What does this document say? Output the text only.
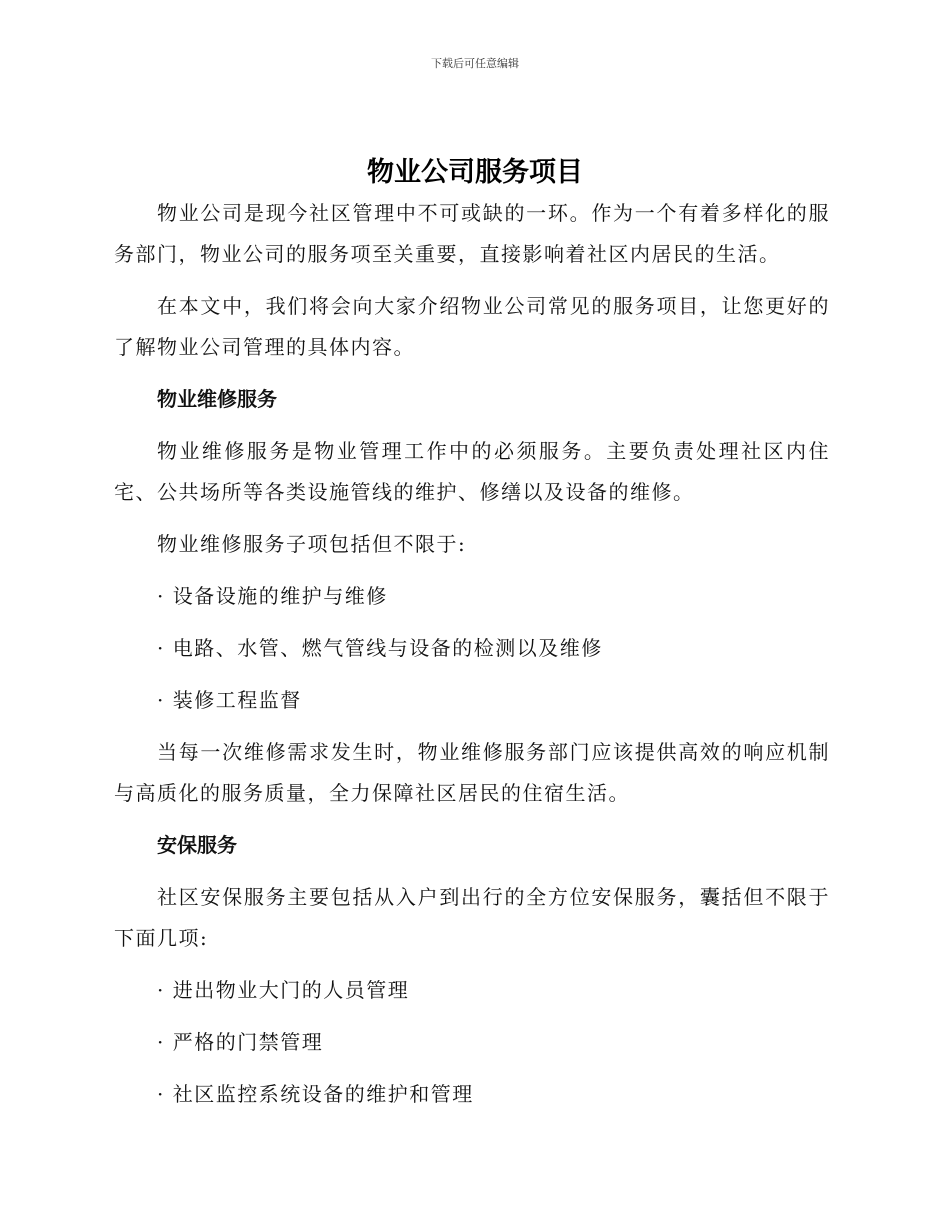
下载后可任意编辑
物业公司服务项目

物业公司是现今社区管理中不可或缺的一环。作为一个有着多样化的服务部门，物业公司的服务项至关重要，直接影响着社区内居民的生活。

在本文中，我们将会向大家介绍物业公司常见的服务项目，让您更好的了解物业公司管理的具体内容。

物业维修服务

物业维修服务是物业管理工作中的必须服务。主要负责处理社区内住宅、公共场所等各类设施管线的维护、修缮以及设备的维修。

物业维修服务子项包括但不限于:

· 设备设施的维护与维修
· 电路、水管、燃气管线与设备的检测以及维修
· 装修工程监督

当每一次维修需求发生时，物业维修服务部门应该提供高效的响应机制与高质化的服务质量，全力保障社区居民的住宿生活。

安保服务

社区安保服务主要包括从入户到出行的全方位安保服务，囊括但不限于下面几项:

· 进出物业大门的人员管理
· 严格的门禁管理
· 社区监控系统设备的维护和管理
